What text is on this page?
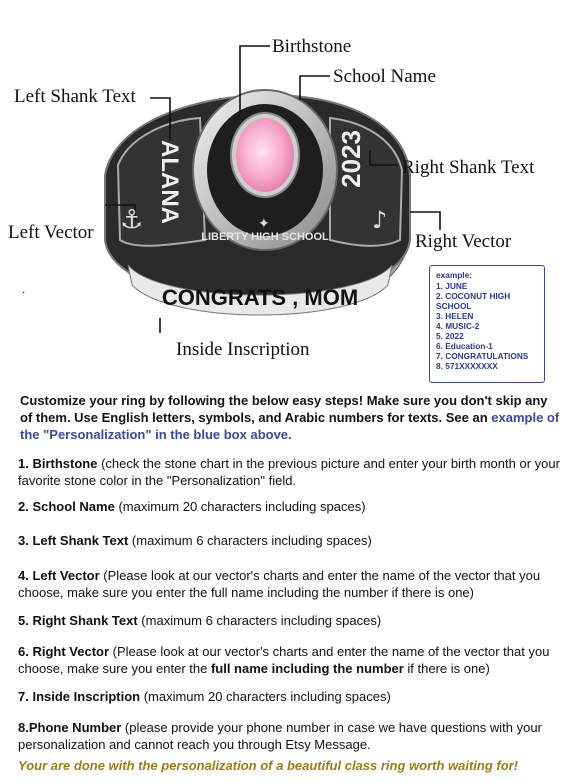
✦
ALANA	2023
LIBERTY HIGH SCHOOL
CONGRATS , MOM
⚓	♪
Birthstone
School Name
Left Shank Text
Right Shank Text
Left Vector	Right Vector
Inside Inscription
.
example:
1. JUNE
2. COCONUT HIGH SCHOOL
3. HELEN
4. MUSIC-2
5. 2022
6. Education-1
7. CONGRATULATIONS
8. 571XXXXXXX
Customize your ring by following the below easy steps! Make sure you don't skip any of them. Use English letters, symbols, and Arabic numbers for texts. See an example of the "Personalization" in the blue box above.
1. Birthstone (check the stone chart in the previous picture and enter your birth month or your favorite stone color in the "Personalization" field.
2. School Name (maximum 20 characters including spaces)
3. Left Shank Text (maximum 6 characters including spaces)
4. Left Vector (Please look at our vector's charts and enter the name of the vector that you choose, make sure you enter the full name including the number if there is one)
5. Right Shank Text (maximum 6 characters including spaces)
6. Right Vector (Please look at our vector's charts and enter the name of the vector that you choose, make sure you enter the full name including the number if there is one)
7. Inside Inscription (maximum 20 characters including spaces)
8.Phone Number (please provide your phone number in case we have questions with your personalization and cannot reach you through Etsy Message.
Your are done with the personalization of a beautiful class ring worth waiting for!
